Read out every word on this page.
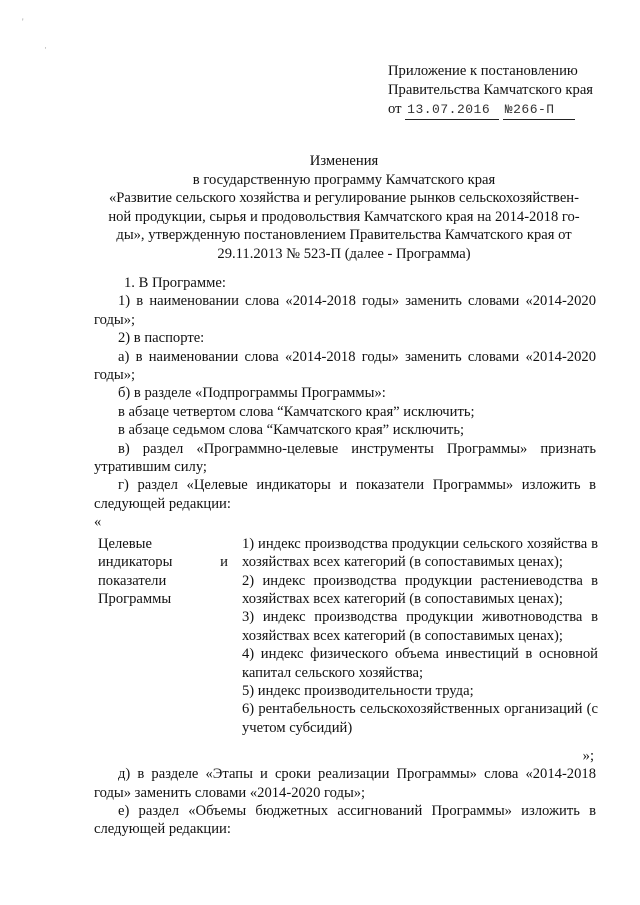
'
·
Приложение к постановлению
Правительства Камчатского края
от 13.07.2016 №266-П
Изменения
в государственную программу Камчатского края
«Развитие сельского хозяйства и регулирование рынков сельскохозяйствен-
ной продукции, сырья и продовольствия Камчатского края на 2014-2018 го-
ды», утвержденную постановлением Правительства Камчатского края от
29.11.2013 № 523-П (далее - Программа)
1. В Программе:
1) в наименовании слова «2014-2018 годы» заменить словами «2014-2020 годы»;
2) в паспорте:
а) в наименовании слова «2014-2018 годы» заменить словами «2014-2020 годы»;
б) в разделе «Подпрограммы Программы»:
в абзаце четвертом слова “Камчатского края” исключить;
в абзаце седьмом слова “Камчатского края” исключить;
в) раздел «Программно-целевые инструменты Программы» признать утратившим силу;
г) раздел «Целевые индикаторы и показатели Программы» изложить в следующей редакции:
«
Целевые индикаторы и показатели Программы
1) индекс производства продукции сельского хозяйства в хозяйствах всех категорий (в сопоставимых ценах);
2) индекс производства продукции растениеводства в хозяйствах всех категорий (в сопоставимых ценах);
3) индекс производства продукции животноводства в хозяйствах всех категорий (в сопоставимых ценах);
4) индекс физического объема инвестиций в основной капитал сельского хозяйства;
5) индекс производительности труда;
6) рентабельность сельскохозяйственных организаций (с учетом субсидий)
»;
д) в разделе «Этапы и сроки реализации Программы» слова «2014-2018 годы» заменить словами «2014-2020 годы»;
е) раздел «Объемы бюджетных ассигнований Программы» изложить в следующей редакции:
